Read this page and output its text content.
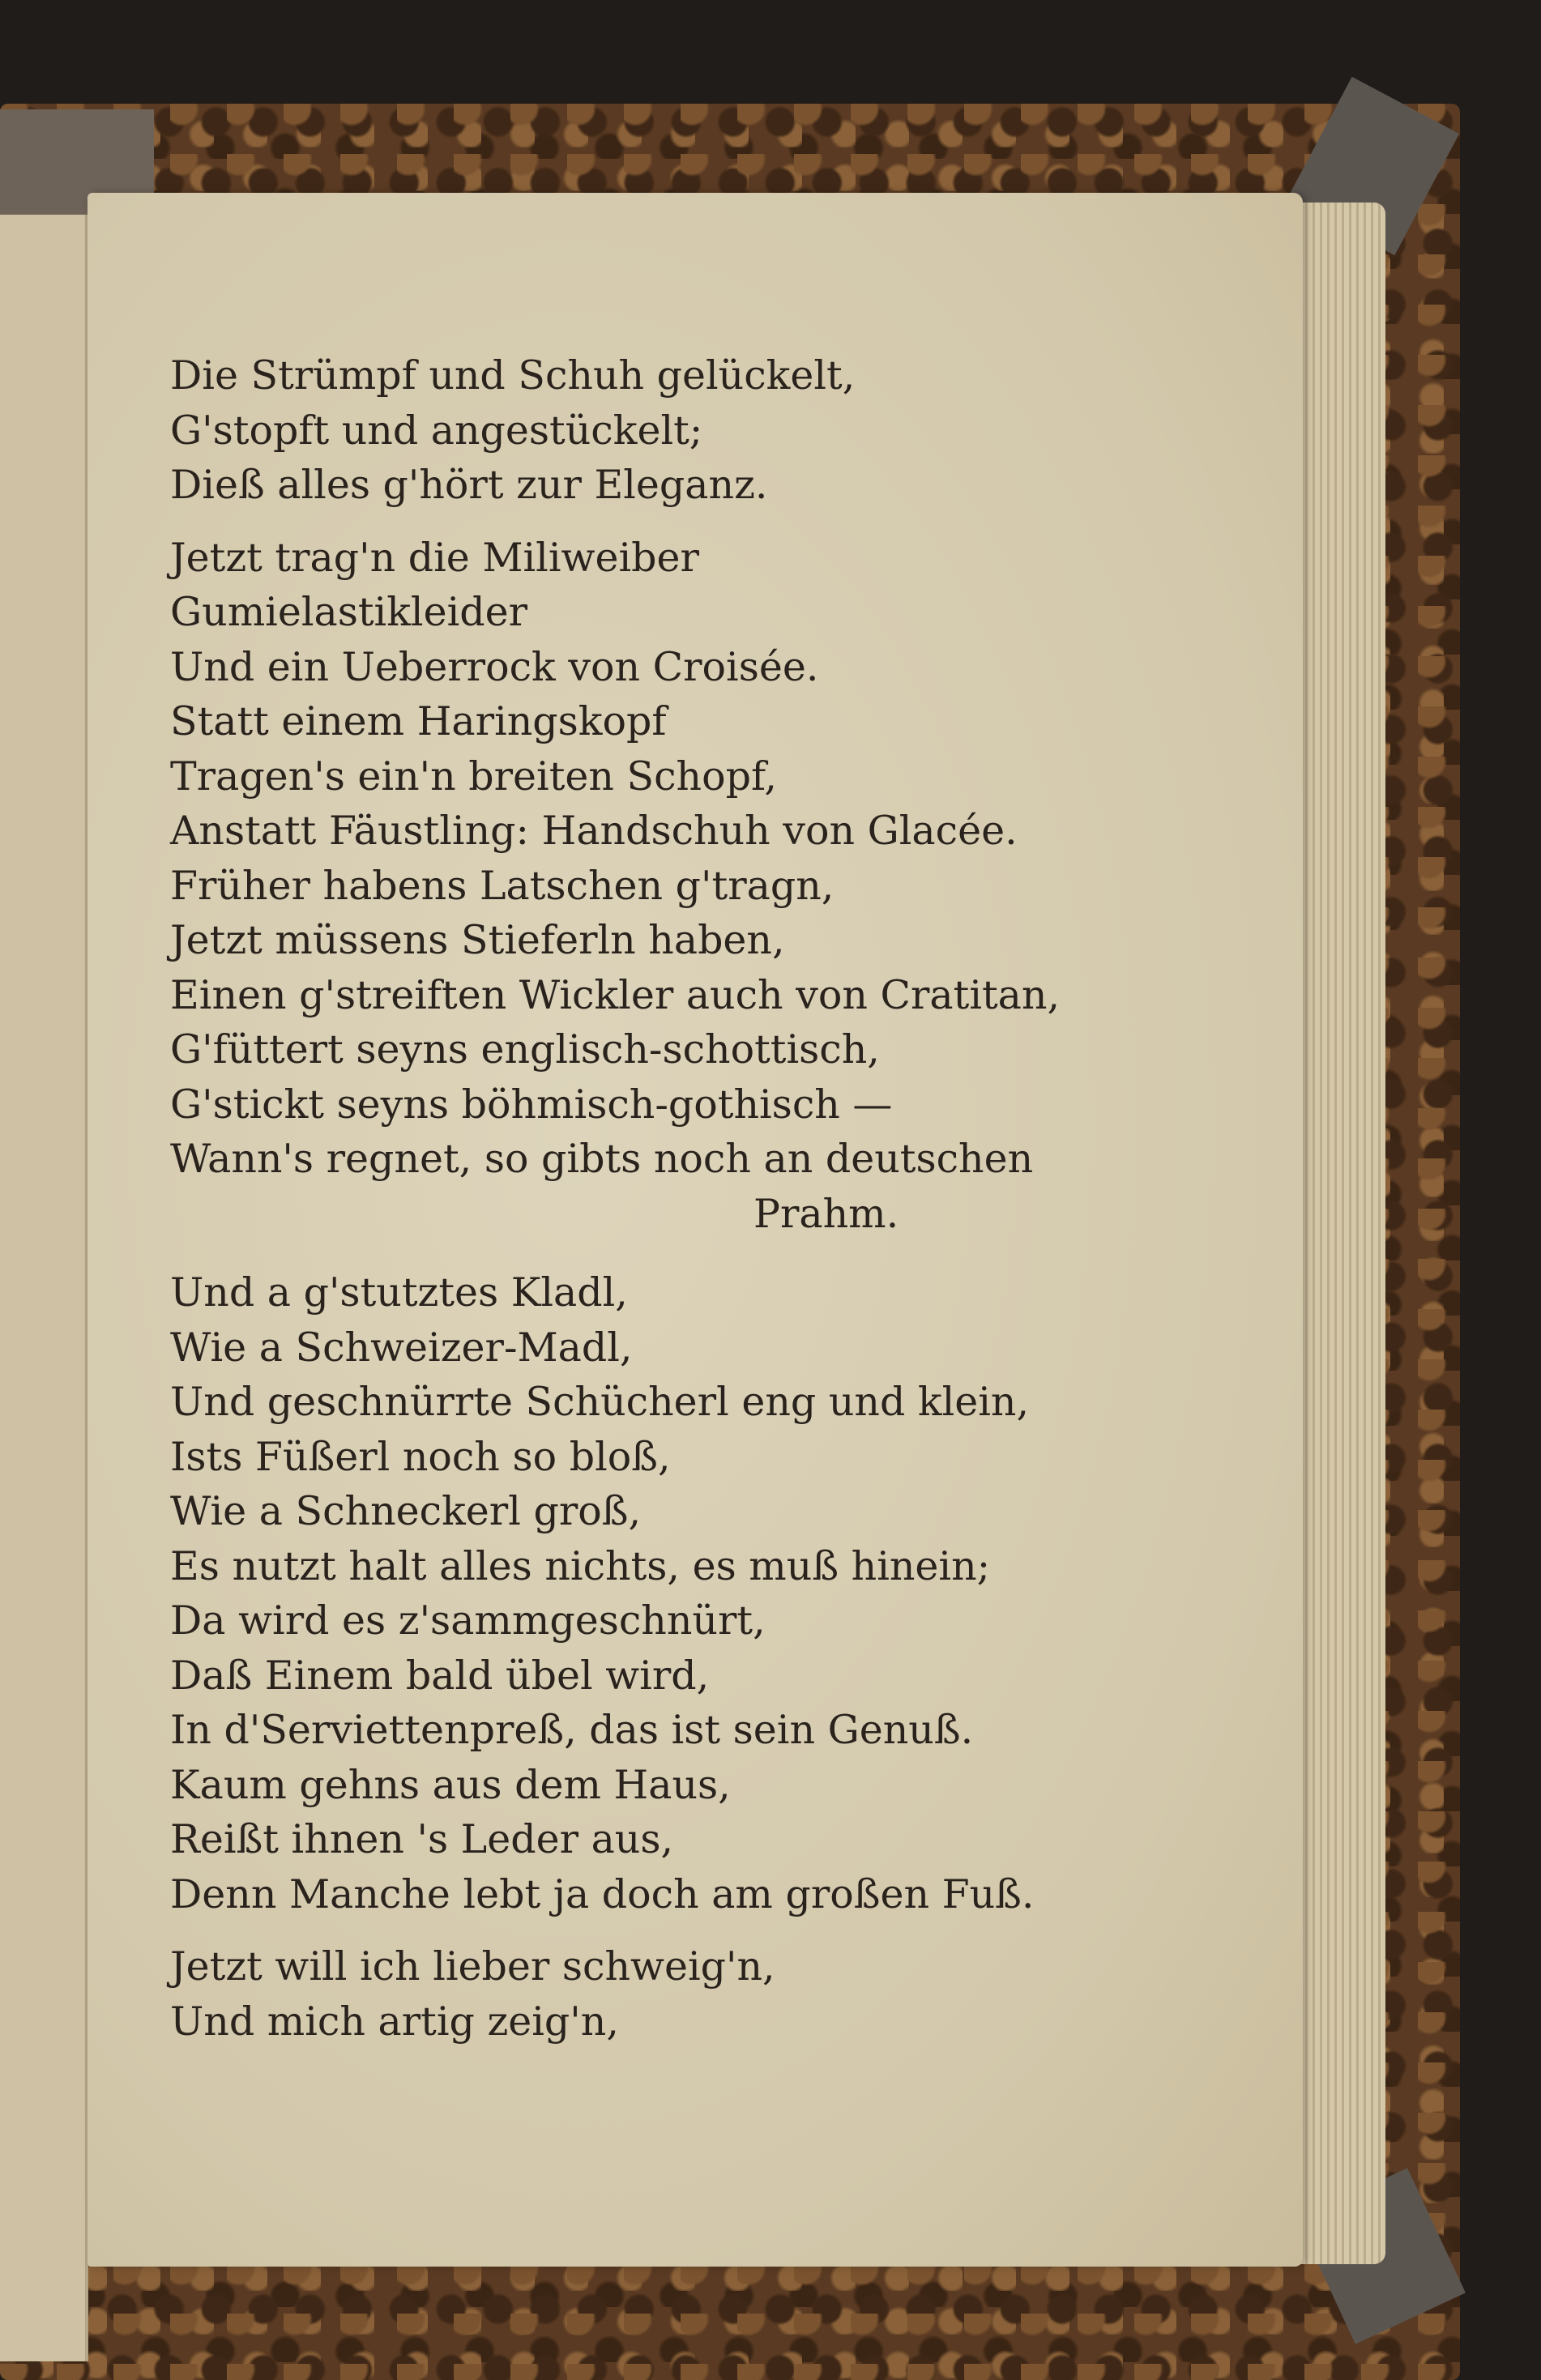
Die Strümpf und Schuh gelückelt,
G'stopft und angestückelt;
Dieß alles g'hört zur Eleganz.
Jetzt trag'n die Miliweiber
Gumielastikleider
Und ein Ueberrock von Croisée.
Statt einem Haringskopf
Tragen's ein'n breiten Schopf,
Anstatt Fäustling: Handschuh von Glacée.
Früher habens Latschen g'tragn,
Jetzt müssens Stieferln haben,
Einen g'streiften Wickler auch von Cratitan,
G'füttert seyns englisch-schottisch,
G'stickt seyns böhmisch-gothisch —
Wann's regnet, so gibts noch an deutschen
Prahm.
Und a g'stutztes Kladl,
Wie a Schweizer-Madl,
Und geschnürrte Schücherl eng und klein,
Ists Füßerl noch so bloß,
Wie a Schneckerl groß,
Es nutzt halt alles nichts, es muß hinein;
Da wird es z'sammgeschnürt,
Daß Einem bald übel wird,
In d'Serviettenpreß, das ist sein Genuß.
Kaum gehns aus dem Haus,
Reißt ihnen 's Leder aus,
Denn Manche lebt ja doch am großen Fuß.
Jetzt will ich lieber schweig'n,
Und mich artig zeig'n,
